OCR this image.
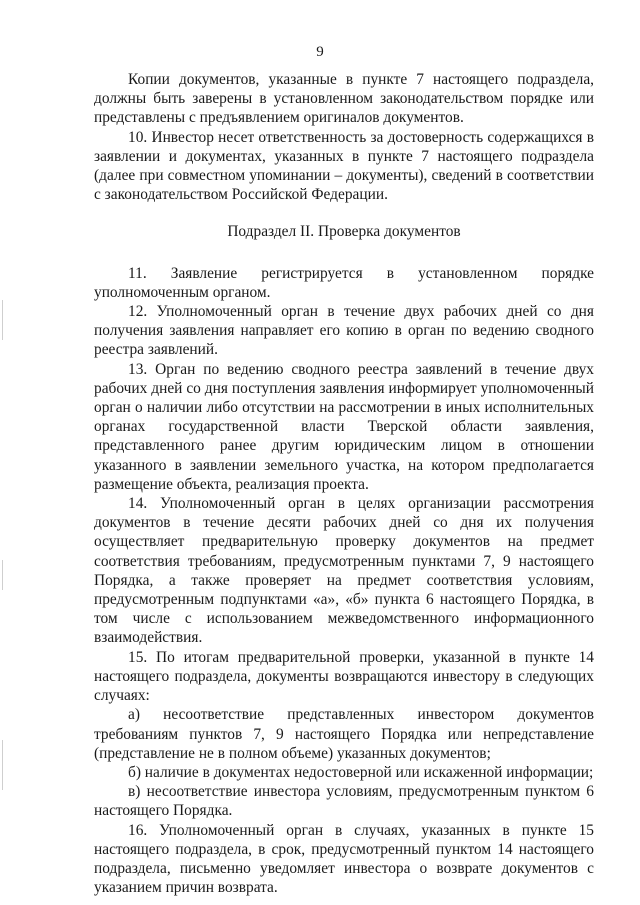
9

Копии документов, указанные в пункте 7 настоящего подраздела, должны быть заверены в установленном законодательством порядке или представлены с предъявлением оригиналов документов.

10. Инвестор несет ответственность за достоверность содержащихся в заявлении и документах, указанных в пункте 7 настоящего подраздела (далее при совместном упоминании – документы), сведений в соответствии с законодательством Российской Федерации.

Подраздел II. Проверка документов

11. Заявление регистрируется в установленном порядке уполномоченным органом.

12. Уполномоченный орган в течение двух рабочих дней со дня получения заявления направляет его копию в орган по ведению сводного реестра заявлений.

13. Орган по ведению сводного реестра заявлений в течение двух рабочих дней со дня поступления заявления информирует уполномоченный орган о наличии либо отсутствии на рассмотрении в иных исполнительных органах государственной власти Тверской области заявления, представленного ранее другим юридическим лицом в отношении указанного в заявлении земельного участка, на котором предполагается размещение объекта, реализация проекта.

14. Уполномоченный орган в целях организации рассмотрения документов в течение десяти рабочих дней со дня их получения осуществляет предварительную проверку документов на предмет соответствия требованиям, предусмотренным пунктами 7, 9 настоящего Порядка, а также проверяет на предмет соответствия условиям, предусмотренным подпунктами «а», «б» пункта 6 настоящего Порядка, в том числе с использованием межведомственного информационного взаимодействия.

15. По итогам предварительной проверки, указанной в пункте 14 настоящего подраздела, документы возвращаются инвестору в следующих случаях:

а) несоответствие представленных инвестором документов требованиям пунктов 7, 9 настоящего Порядка или непредставление (представление не в полном объеме) указанных документов;

б) наличие в документах недостоверной или искаженной информации;

в) несоответствие инвестора условиям, предусмотренным пунктом 6 настоящего Порядка.

16. Уполномоченный орган в случаях, указанных в пункте 15 настоящего подраздела, в срок, предусмотренный пунктом 14 настоящего подраздела, письменно уведомляет инвестора о возврате документов с указанием причин возврата.
